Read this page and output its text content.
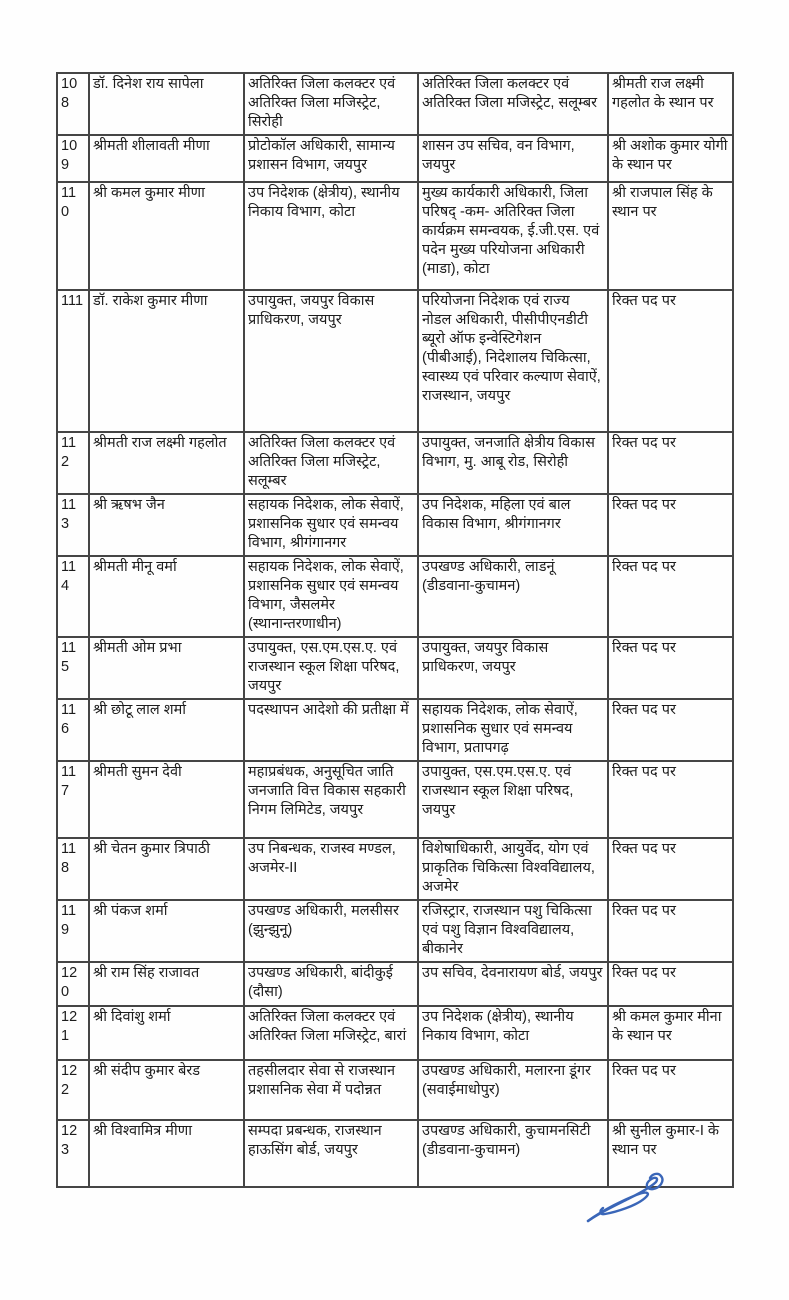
108	डॉ. दिनेश राय सापेला	अतिरिक्त जिला कलक्टर एवं अतिरिक्त जिला मजिस्ट्रेट, सिरोही	अतिरिक्त जिला कलक्टर एवं अतिरिक्त जिला मजिस्ट्रेट, सलूम्बर	श्रीमती राज लक्ष्मी गहलोत के स्थान पर
109	श्रीमती शीलावती मीणा	प्रोटोकॉल अधिकारी, सामान्य प्रशासन विभाग, जयपुर	शासन उप सचिव, वन विभाग, जयपुर	श्री अशोक कुमार योगी के स्थान पर
110	श्री कमल कुमार मीणा	उप निदेशक (क्षेत्रीय), स्थानीय निकाय विभाग, कोटा	मुख्य कार्यकारी अधिकारी, जिला परिषद् -कम- अतिरिक्त जिला कार्यक्रम समन्वयक, ई.जी.एस. एवं पदेन मुख्य परियोजना अधिकारी (माडा), कोटा	श्री राजपाल सिंह के स्थान पर
111	डॉ. राकेश कुमार मीणा	उपायुक्त, जयपुर विकास प्राधिकरण, जयपुर	परियोजना निदेशक एवं राज्य नोडल अधिकारी, पीसीपीएनडीटी ब्यूरो ऑफ इन्वेस्टिगेशन (पीबीआई), निदेशालय चिकित्सा, स्वास्थ्य एवं परिवार कल्याण सेवाऐं, राजस्थान, जयपुर	रिक्त पद पर
112	श्रीमती राज लक्ष्मी गहलोत	अतिरिक्त जिला कलक्टर एवं अतिरिक्त जिला मजिस्ट्रेट, सलूम्बर	उपायुक्त, जनजाति क्षेत्रीय विकास विभाग, मु. आबू रोड, सिरोही	रिक्त पद पर
113	श्री ऋषभ जैन	सहायक निदेशक, लोक सेवाऐं, प्रशासनिक सुधार एवं समन्वय विभाग, श्रीगंगानगर	उप निदेशक, महिला एवं बाल विकास विभाग, श्रीगंगानगर	रिक्त पद पर
114	श्रीमती मीनू वर्मा	सहायक निदेशक, लोक सेवाऐं, प्रशासनिक सुधार एवं समन्वय विभाग, जैसलमेर (स्थानान्तरणाधीन)	उपखण्ड अधिकारी, लाडनूं (डीडवाना-कुचामन)	रिक्त पद पर
115	श्रीमती ओम प्रभा	उपायुक्त, एस.एम.एस.ए. एवं राजस्थान स्कूल शिक्षा परिषद, जयपुर	उपायुक्त, जयपुर विकास प्राधिकरण, जयपुर	रिक्त पद पर
116	श्री छोटू लाल शर्मा	पदस्थापन आदेशो की प्रतीक्षा में	सहायक निदेशक, लोक सेवाऐं, प्रशासनिक सुधार एवं समन्वय विभाग, प्रतापगढ़	रिक्त पद पर
117	श्रीमती सुमन देवी	महाप्रबंधक, अनुसूचित जाति जनजाति वित्त विकास सहकारी निगम लिमिटेड, जयपुर	उपायुक्त, एस.एम.एस.ए. एवं राजस्थान स्कूल शिक्षा परिषद, जयपुर	रिक्त पद पर
118	श्री चेतन कुमार त्रिपाठी	उप निबन्धक, राजस्व मण्डल, अजमेर-II	विशेषाधिकारी, आयुर्वेद, योग एवं प्राकृतिक चिकित्सा विश्वविद्यालय, अजमेर	रिक्त पद पर
119	श्री पंकज शर्मा	उपखण्ड अधिकारी, मलसीसर (झुन्झुनू)	रजिस्ट्रार, राजस्थान पशु चिकित्सा एवं पशु विज्ञान विश्वविद्यालय, बीकानेर	रिक्त पद पर
120	श्री राम सिंह राजावत	उपखण्ड अधिकारी, बांदीकुई (दौसा)	उप सचिव, देवनारायण बोर्ड, जयपुर	रिक्त पद पर
121	श्री दिवांशु शर्मा	अतिरिक्त जिला कलक्टर एवं अतिरिक्त जिला मजिस्ट्रेट, बारां	उप निदेशक (क्षेत्रीय), स्थानीय निकाय विभाग, कोटा	श्री कमल कुमार मीना के स्थान पर
122	श्री संदीप कुमार बेरड	तहसीलदार सेवा से राजस्थान प्रशासनिक सेवा में पदोन्नत	उपखण्ड अधिकारी, मलारना डूंगर (सवाईमाधोपुर)	रिक्त पद पर
123	श्री विश्वामित्र मीणा	सम्पदा प्रबन्धक, राजस्थान हाऊसिंग बोर्ड, जयपुर	उपखण्ड अधिकारी, कुचामनसिटी (डीडवाना-कुचामन)	श्री सुनील कुमार-I के स्थान पर
